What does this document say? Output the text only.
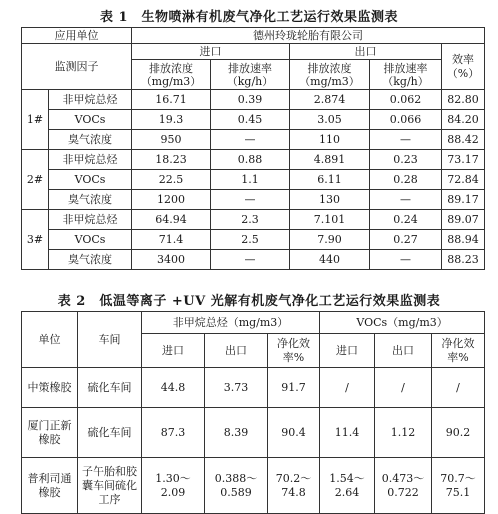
表 1　生物喷淋有机废气净化工艺运行效果监测表
应用单位		德州玲珑轮胎有限公司				
监测因子		进口		出口		效率（%）
		排放浓度（mg/m3）	排放速率（kg/h）	排放浓度（mg/m3）	排放速率（kg/h）	
1#	非甲烷总烃	16.71	0.39	2.874	0.062	82.80
	VOCs	19.3	0.45	3.05	0.066	84.20
	臭气浓度	950	—	110	—	88.42
2#	非甲烷总烃	18.23	0.88	4.891	0.23	73.17
	VOCs	22.5	1.1	6.11	0.28	72.84
	臭气浓度	1200	—	130	—	89.17
3#	非甲烷总烃	64.94	2.3	7.101	0.24	89.07
	VOCs	71.4	2.5	7.90	0.27	88.94
	臭气浓度	3400	—	440	—	88.23
表 2　低温等离子 +UV 光解有机废气净化工艺运行效果监测表
单位	车间	非甲烷总烃（mg/m3）			VOCs（mg/m3）		
		进口	出口	净化效率%	进口	出口	净化效率%
中策橡胶	硫化车间	44.8	3.73	91.7	/	/	/
厦门正新橡胶	硫化车间	87.3	8.39	90.4	11.4	1.12	90.2
普利司通橡胶	子午胎和胶囊车间硫化工序	1.30～2.09	0.388～0.589	70.2～74.8	1.54～2.64	0.473～0.722	70.7～75.1
